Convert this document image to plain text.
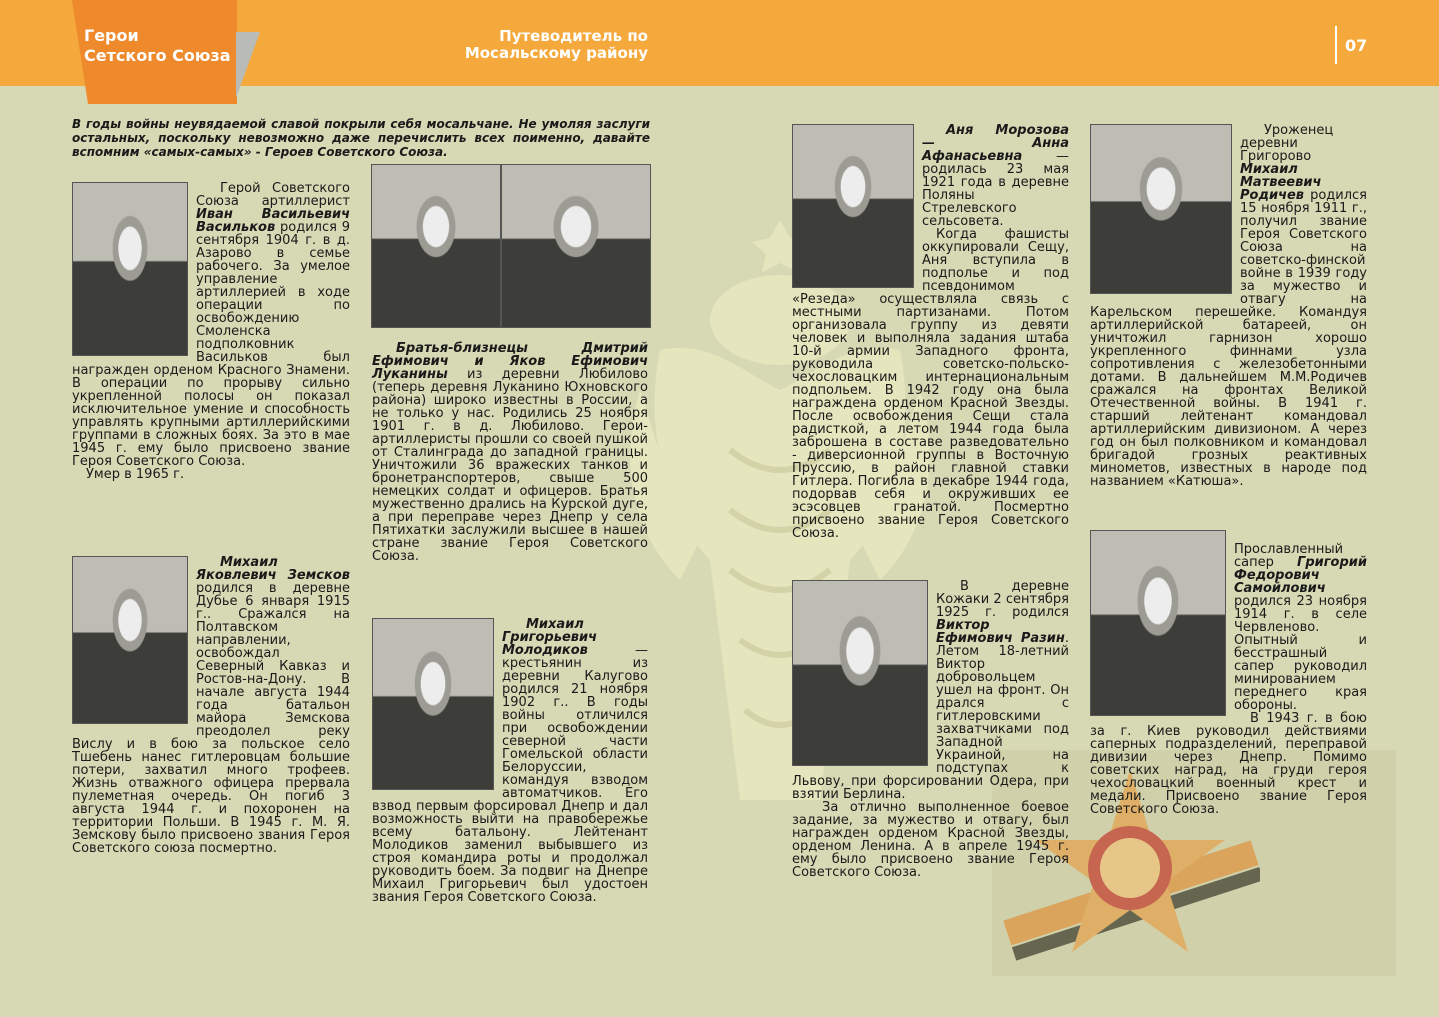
Герои
Сетского Союза

Путеводитель по
Мосальскому району	07

В годы войны неувядаемой славой покрыли себя мосальчане. Не умоляя заслуги остальных, поскольку невозможно даже перечислить всех поименно, давайте вспомним «самых-самых» - Героев Советского Союза.

Герой Советского Союза артиллерист Иван Васильевич Васильков родился 9 сентября 1904 г. в д. Азарово в семье рабочего. За умелое управление артиллерией в ходе операции по освобождению Смоленска подполковник Васильков был награжден орденом Красного Знамени. В операции по прорыву сильно укрепленной полосы он показал исключительное умение и способность управлять крупными артиллерийскими группами в сложных боях. За это в мае 1945 г. ему было присвоено звание Героя Советского Союза.
Умер в 1965 г.

Михаил Яковлевич Земсков родился в деревне Дубье 6 января 1915 г.. Сражался на Полтавском направлении, освобождал Северный Кавказ и Ростов-на-Дону. В начале августа 1944 года батальон майора Земскова преодолел реку Вислу и в бою за польское село Тшебень нанес гитлеровцам большие потери, захватил много трофеев. Жизнь отважного офицера прервала пулеметная очередь. Он погиб 3 августа 1944 г. и похоронен на территории Польши. В 1945 г. М. Я. Земскову было присвоено звания Героя Советского союза посмертно.

Братья-близнецы Дмитрий Ефимович и Яков Ефимович Луканины из деревни Любилово (теперь деревня Луканино Юхновского района) широко известны в России, а не только у нас. Родились 25 ноября 1901 г. в д. Любилово. Герои-артиллеристы прошли со своей пушкой от Сталинграда до западной границы. Уничтожили 36 вражеских танков и бронетранспортеров, свыше 500 немецких солдат и офицеров. Братья мужественно дрались на Курской дуге, а при переправе через Днепр у села Пятихатки заслужили высшее в нашей стране звание Героя Советского Союза.

Михаил Григорьевич Молодиков — крестьянин из деревни Калугово родился 21 ноября 1902 г.. В годы войны отличился при освобождении северной части Гомельской области Белоруссии, командуя взводом автоматчиков. Его взвод первым форсировал Днепр и дал возможность выйти на правобережье всему батальону. Лейтенант Молодиков заменил выбывшего из строя командира роты и продолжал руководить боем. За подвиг на Днепре Михаил Григорьевич был удостоен звания Героя Советского Союза.

Аня Морозова — Анна Афанасьевна — родилась 23 мая 1921 года в деревне Поляны Стрелевского сельсовета.
Когда фашисты оккупировали Сещу, Аня вступила в подполье и под псевдонимом «Резеда» осуществляла связь с местными партизанами. Потом организовала группу из девяти человек и выполняла задания штаба 10-й армии Западного фронта, руководила советско-польско-чехословацким интернациональным подпольем. В 1942 году она была награждена орденом Красной Звезды. После освобождения Сещи стала радисткой, а летом 1944 года была заброшена в составе разведовательно - диверсионной группы в Восточную Пруссию, в район главной ставки Гитлера. Погибла в декабре 1944 года, подорвав себя и окруживших ее эсэсовцев гранатой. Посмертно присвоено звание Героя Советского Союза.

В деревне Кожаки 2 сентября 1925 г. родился Виктор Ефимович Разин. Летом 18-летний Виктор добровольцем ушел на фронт. Он дрался с гитлеровскими захватчиками под Западной Украиной, на подступах к Львову, при форсировании Одера, при взятии Берлина.
За отлично выполненное боевое задание, за мужество и отвагу, был награжден орденом Красной Звезды, орденом Ленина. А в апреле 1945 г. ему было присвоено звание Героя Советского Союза.

Уроженец деревни Григорово Михаил Матвеевич Родичев родился 15 ноября 1911 г., получил звание Героя Советского Союза на советско-финской войне в 1939 году за мужество и отвагу на Карельском перешейке. Командуя артиллерийской батареей, он уничтожил гарнизон хорошо укрепленного финнами узла сопротивления с железобетонными дотами. В дальнейшем М.М.Родичев сражался на фронтах Великой Отечественной войны. В 1941 г. старший лейтенант командовал артиллерийским дивизионом. А через год он был полковником и командовал бригадой грозных реактивных минометов, известных в народе под названием «Катюша».

Прославленный сапер Григорий Федорович Самойлович родился 23 ноября 1914 г. в селе Червленово. Опытный и бесстрашный сапер руководил минированием переднего края обороны.
В 1943 г. в бою за г. Киев руководил действиями саперных подразделений, переправой дивизии через Днепр. Помимо советских наград, на груди героя чехословацкий военный крест и медали. Присвоено звание Героя Советского Союза.
